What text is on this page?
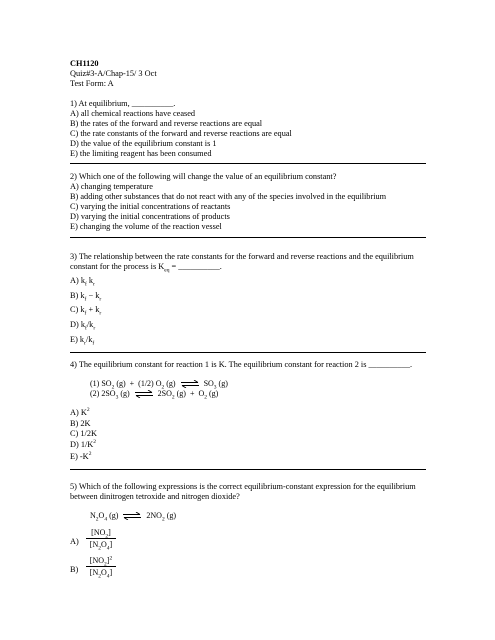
CH1120
Quiz#3-A/Chap-15/ 3 Oct
Test Form: A
1) At equilibrium, __________.
A) all chemical reactions have ceased
B) the rates of the forward and reverse reactions are equal
C) the rate constants of the forward and reverse reactions are equal
D) the value of the equilibrium constant is 1
E) the limiting reagent has been consumed
2) Which one of the following will change the value of an equilibrium constant?
A) changing temperature
B) adding other substances that do not react with any of the species involved in the equilibrium
C) varying the initial concentrations of reactants
D) varying the initial concentrations of products
E) changing the volume of the reaction vessel
3) The relationship between the rate constants for the forward and reverse reactions and the equilibrium
constant for the process is $K_{eq}$ = __________.
A) $k_f$ $k_r$
B) $k_f - k_r$
C) $k_f + k_r$
D) $k_f/k_r$
E) $k_r/k_f$
4) The equilibrium constant for reaction 1 is K. The equilibrium constant for reaction 2 is __________.
(1) $SO_2$ (g)  +  (1/2) $O_2$ (g) ⇌ $SO_3$ (g)
(2) $2SO_3$ (g) ⇌ $2SO_2$ $(g) + O_2$ (g)
A) $K^2$
B) 2K
C) 1/2K
D) $1/K^2$
E) $-K^2$
5) Which of the following expressions is the correct equilibrium-constant expression for the equilibrium
between dinitrogen tetroxide and nitrogen dioxide?
$N_2O_4$ (g) ⇌ $2NO_2$ (g)
A)
$[NO_2]$
$[N_2O_4]$
B)
$[NO_2]^2$
$[N_2O_4]$
